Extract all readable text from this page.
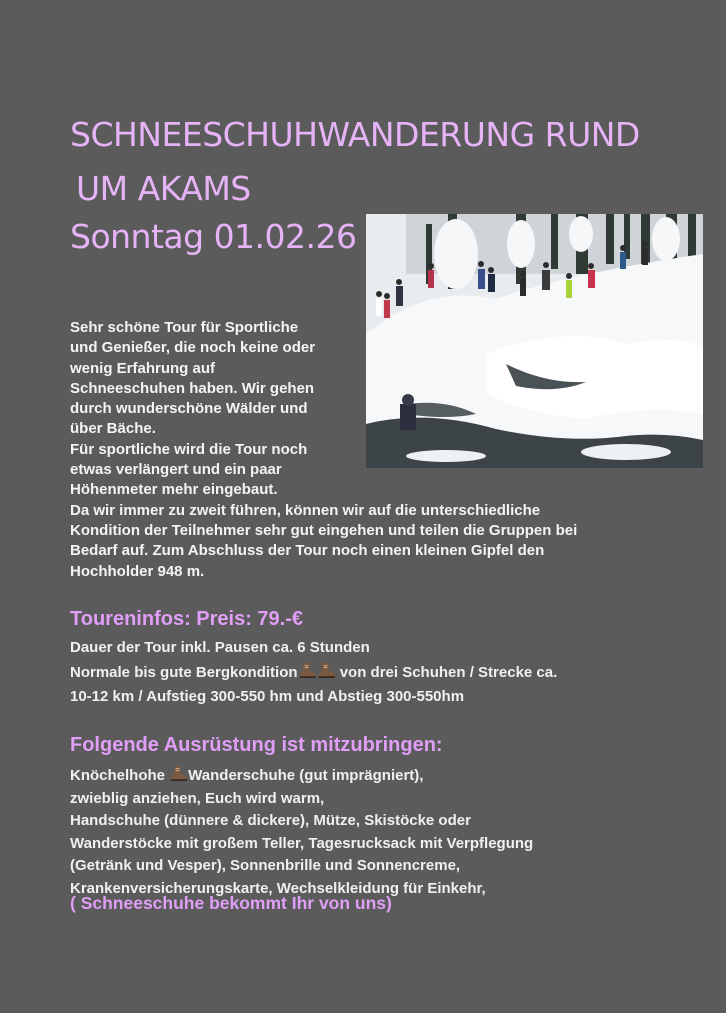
SCHNEESCHUHWANDERUNG RUND
UM AKAMS
Sonntag 01.02.26
Sehr schöne Tour für Sportliche
und Genießer, die noch keine oder
wenig Erfahrung auf
Schneeschuhen haben. Wir gehen
durch wunderschöne Wälder und
über Bäche.
Für sportliche wird die Tour noch
etwas verlängert und ein paar
Höhenmeter mehr eingebaut.
Da wir immer zu zweit führen, können wir auf die unterschiedliche
Kondition der Teilnehmer sehr gut eingehen und teilen die Gruppen bei
Bedarf auf. Zum Abschluss der Tour noch einen kleinen Gipfel den
Hochholder 948 m.
Toureninfos: Preis: 79.-€
Dauer der Tour inkl. Pausen ca. 6 Stunden
Normale bis gute Bergkondition	von drei Schuhen / Strecke ca.
10-12 km / Aufstieg 300-550 hm und Abstieg 300-550hm
Folgende Ausrüstung ist mitzubringen:
Knöchelhohe Wanderschuhe (gut imprägniert),
zwieblig anziehen, Euch wird warm,
Handschuhe (dünnere & dickere), Mütze, Skistöcke oder
Wanderstöcke mit großem Teller, Tagesrucksack mit Verpflegung
(Getränk und Vesper), Sonnenbrille und Sonnencreme,
Krankenversicherungskarte, Wechselkleidung für Einkehr,
( Schneeschuhe bekommt Ihr von uns)
